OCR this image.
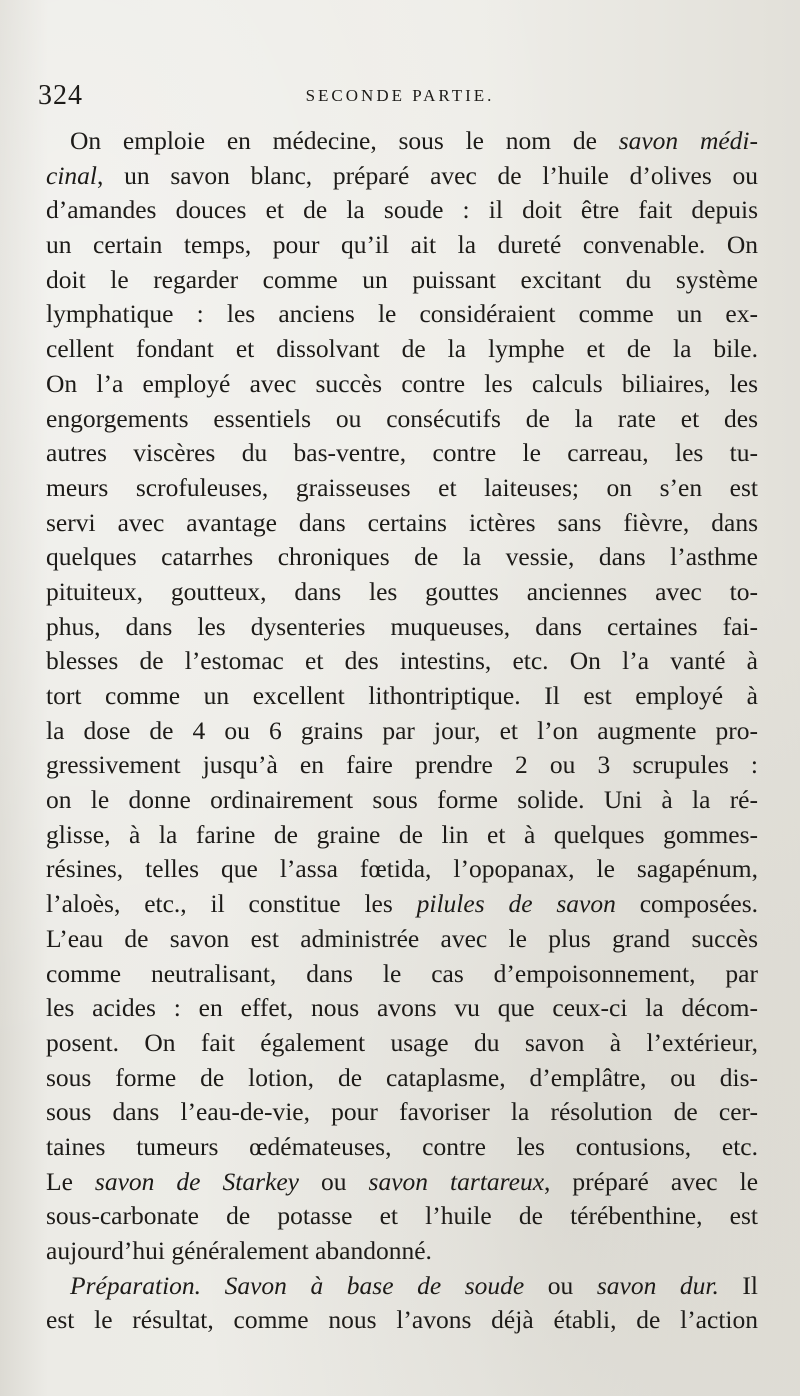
324	SECONDE PARTIE.
On emploie en médecine, sous le nom de savon médi-
cinal, un savon blanc, préparé avec de l’huile d’olives ou
d’amandes douces et de la soude : il doit être fait depuis
un certain temps, pour qu’il ait la dureté convenable. On
doit le regarder comme un puissant excitant du système
lymphatique : les anciens le considéraient comme un ex-
cellent fondant et dissolvant de la lymphe et de la bile.
On l’a employé avec succès contre les calculs biliaires, les
engorgements essentiels ou consécutifs de la rate et des
autres viscères du bas-ventre, contre le carreau, les tu-
meurs scrofuleuses, graisseuses et laiteuses; on s’en est
servi avec avantage dans certains ictères sans fièvre, dans
quelques catarrhes chroniques de la vessie, dans l’asthme
pituiteux, goutteux, dans les gouttes anciennes avec to-
phus, dans les dysenteries muqueuses, dans certaines fai-
blesses de l’estomac et des intestins, etc. On l’a vanté à
tort comme un excellent lithontriptique. Il est employé à
la dose de 4 ou 6 grains par jour, et l’on augmente pro-
gressivement jusqu’à en faire prendre 2 ou 3 scrupules :
on le donne ordinairement sous forme solide. Uni à la ré-
glisse, à la farine de graine de lin et à quelques gommes-
résines, telles que l’assa fœtida, l’opopanax, le sagapénum,
l’aloès, etc., il constitue les pilules de savon composées.
L’eau de savon est administrée avec le plus grand succès
comme neutralisant, dans le cas d’empoisonnement, par
les acides : en effet, nous avons vu que ceux-ci la décom-
posent. On fait également usage du savon à l’extérieur,
sous forme de lotion, de cataplasme, d’emplâtre, ou dis-
sous dans l’eau-de-vie, pour favoriser la résolution de cer-
taines tumeurs œdémateuses, contre les contusions, etc.
Le savon de Starkey ou savon tartareux, préparé avec le
sous-carbonate de potasse et l’huile de térébenthine, est
aujourd’hui généralement abandonné.
Préparation. Savon à base de soude ou savon dur. Il
est le résultat, comme nous l’avons déjà établi, de l’action
